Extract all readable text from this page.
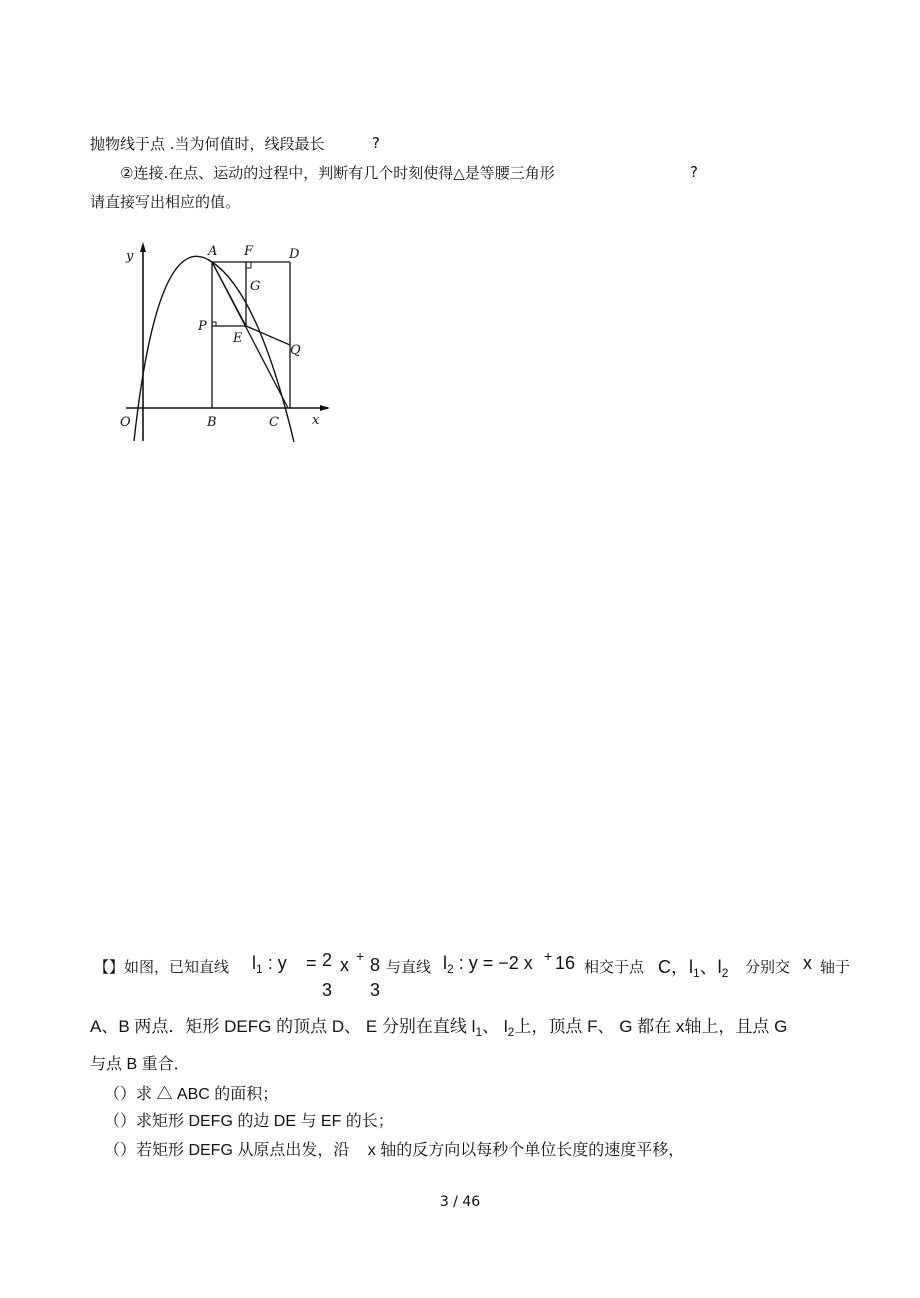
抛物线于点 .当为何值时，线段最长	?
②连接.在点、运动的过程中，判断有几个时刻使得△是等腰三角形	?
请直接写出相应的值。
y	A F	D
G
P
E
Q
O	B	C	x
【】如图，已知直线 $l_1$ : y = 2
3
x + 8
3
与直线 $l_2$ : y = −2 x + 16 相交于点 C，$l_1$、$l_2$ 分别交 x 轴于
A、B 两点．矩形 DEFG 的顶点 D、 E 分别在直线 $l_1$、 $l_2$上，顶点 F、 G 都在 x轴上，且点 G
与点 B 重合．
（）求 △ ABC 的面积；
（）求矩形 DEFG 的边 DE 与 EF 的长；
（）若矩形 DEFG 从原点出发，沿 x 轴的反方向以每秒个单位长度的速度平移，
3 / 46
